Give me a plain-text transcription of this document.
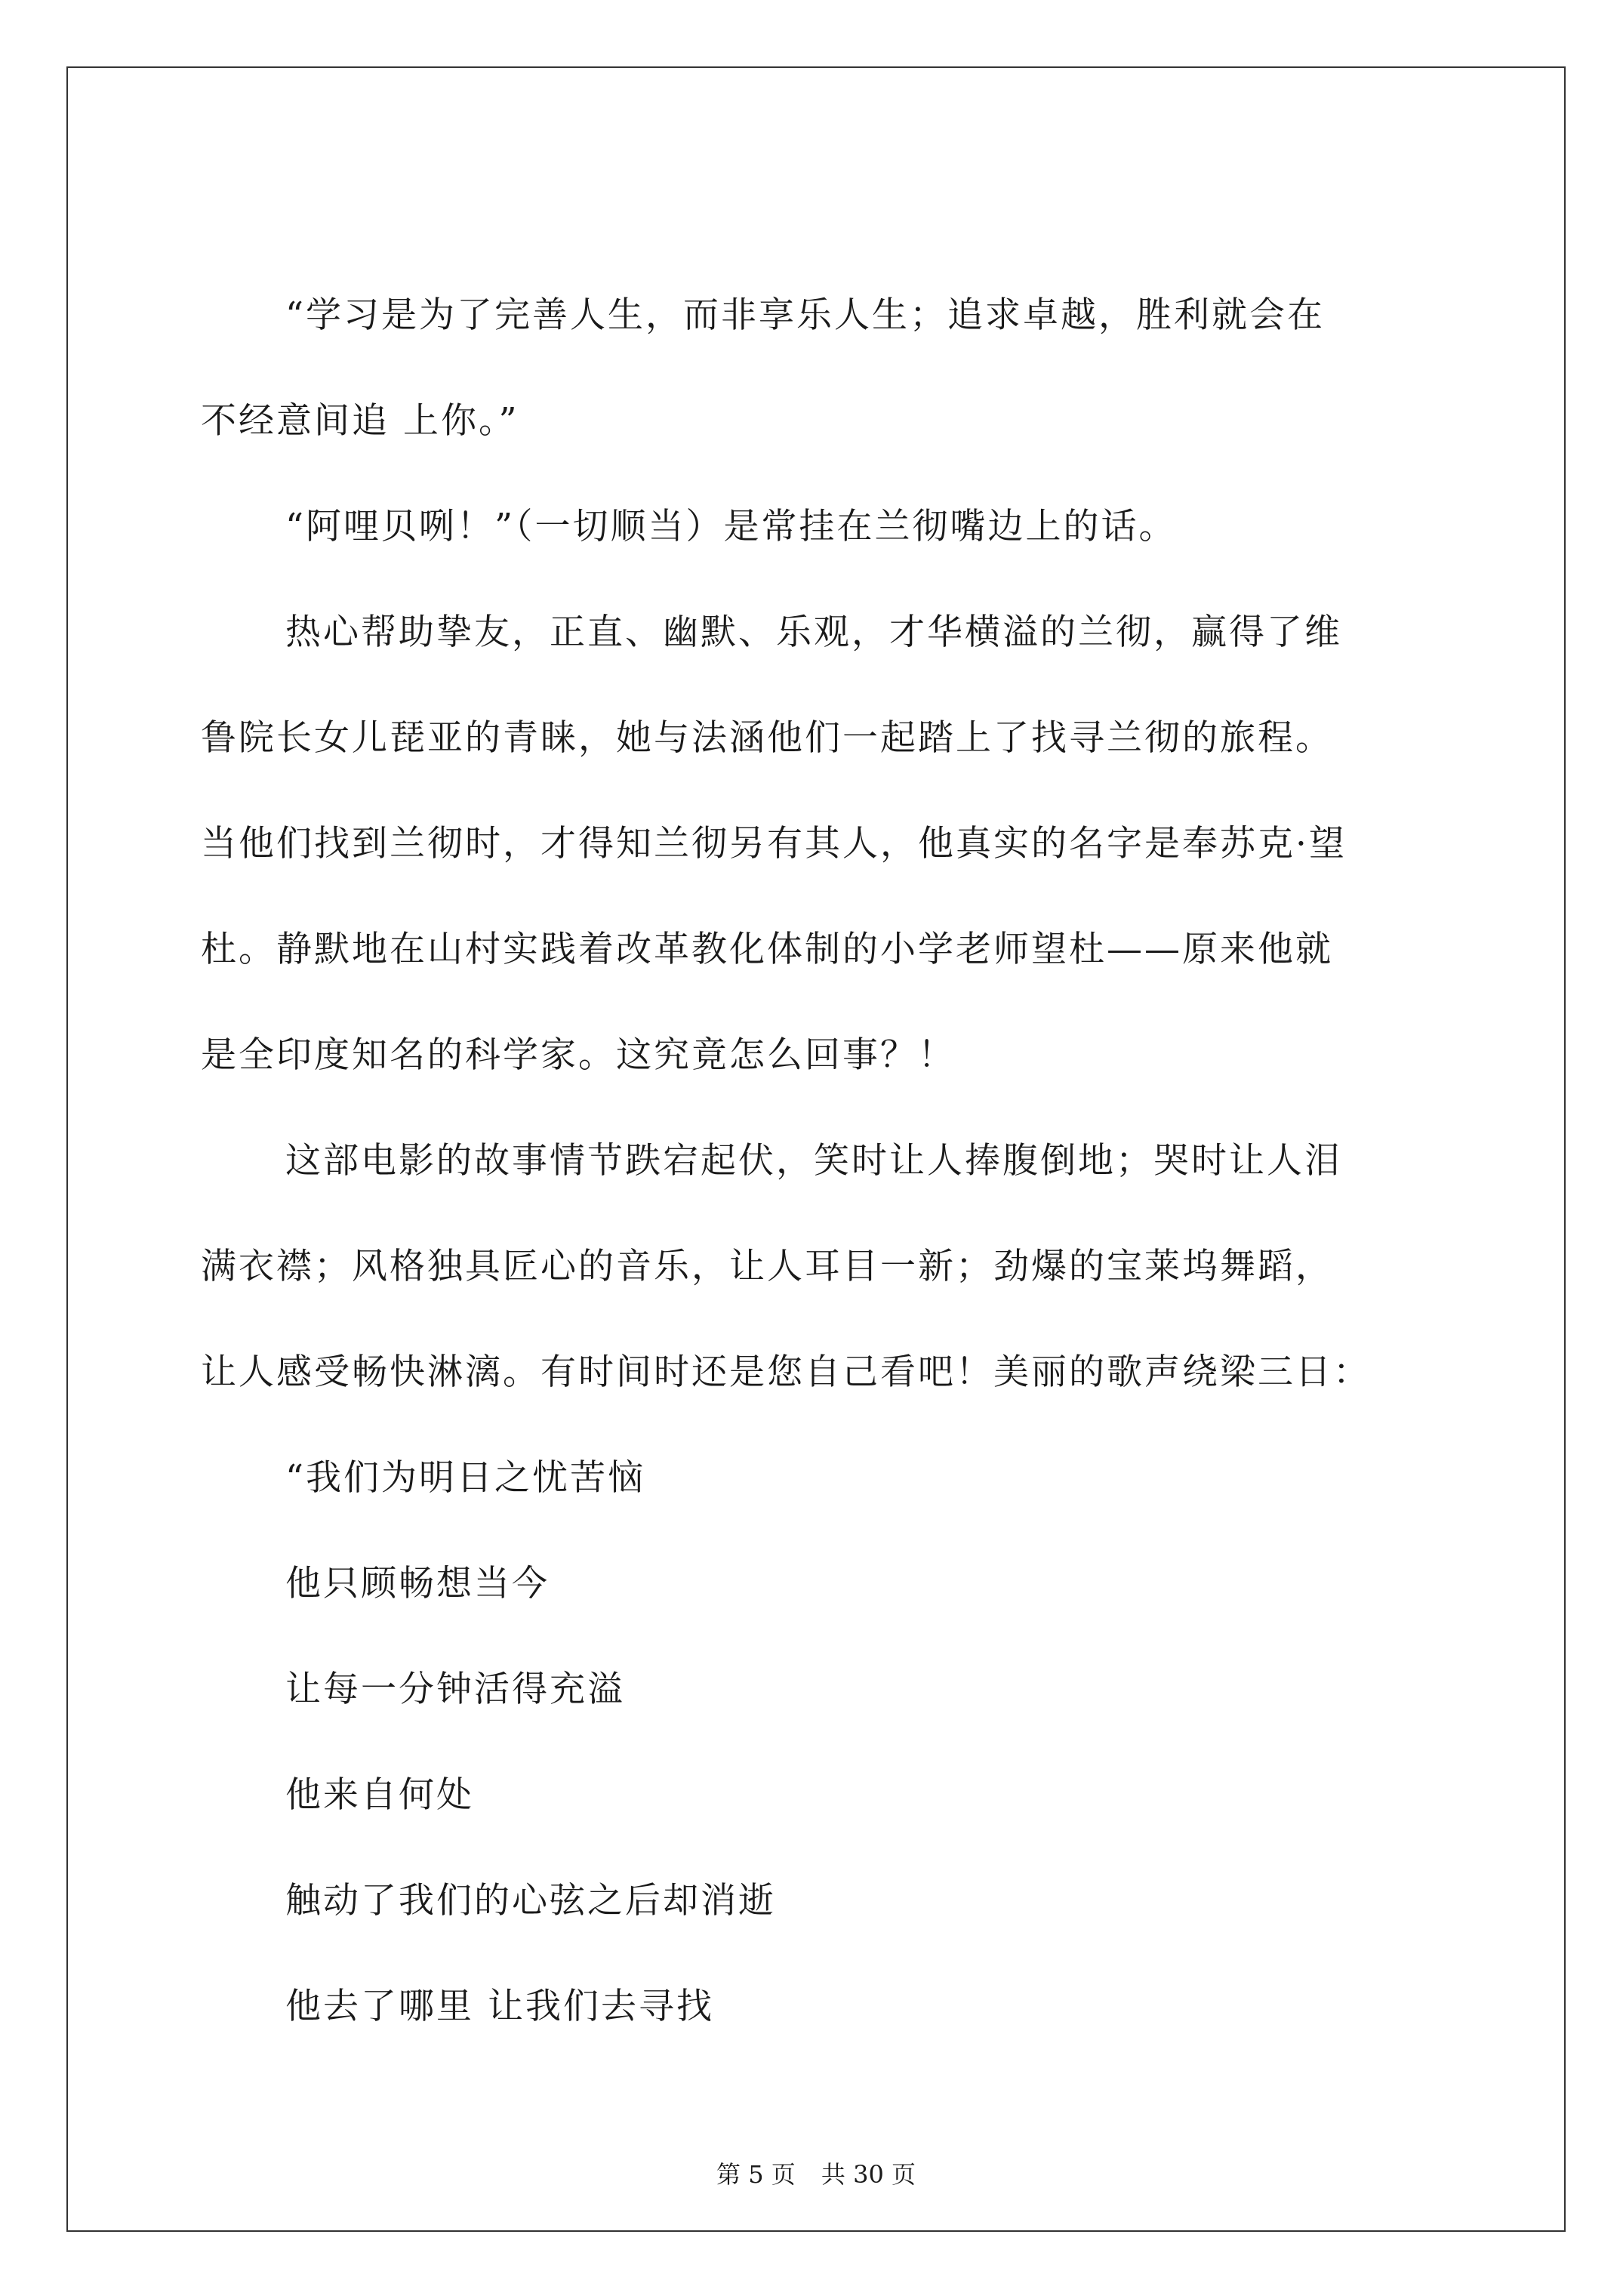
“学习是为了完善人生，而非享乐人生；追求卓越，胜利就会在
不经意间追 上你。”
“阿哩贝咧！”（一切顺当）是常挂在兰彻嘴边上的话。
热心帮助挚友，正直、幽默、乐观，才华横溢的兰彻，赢得了维
鲁院长女儿琵亚的青睐，她与法涵他们一起踏上了找寻兰彻的旅程。
当他们找到兰彻时，才得知兰彻另有其人，他真实的名字是奉苏克·望
杜。静默地在山村实践着改革教化体制的小学老师望杜——原来他就
是全印度知名的科学家。这究竟怎么回事？！
这部电影的故事情节跌宕起伏，笑时让人捧腹倒地；哭时让人泪
满衣襟；风格独具匠心的音乐，让人耳目一新；劲爆的宝莱坞舞蹈，
让人感受畅快淋漓。有时间时还是您自己看吧！美丽的歌声绕梁三日：
“我们为明日之忧苦恼
他只顾畅想当今
让每一分钟活得充溢
他来自何处
触动了我们的心弦之后却消逝
他去了哪里 让我们去寻找
第 5 页 共 30 页
